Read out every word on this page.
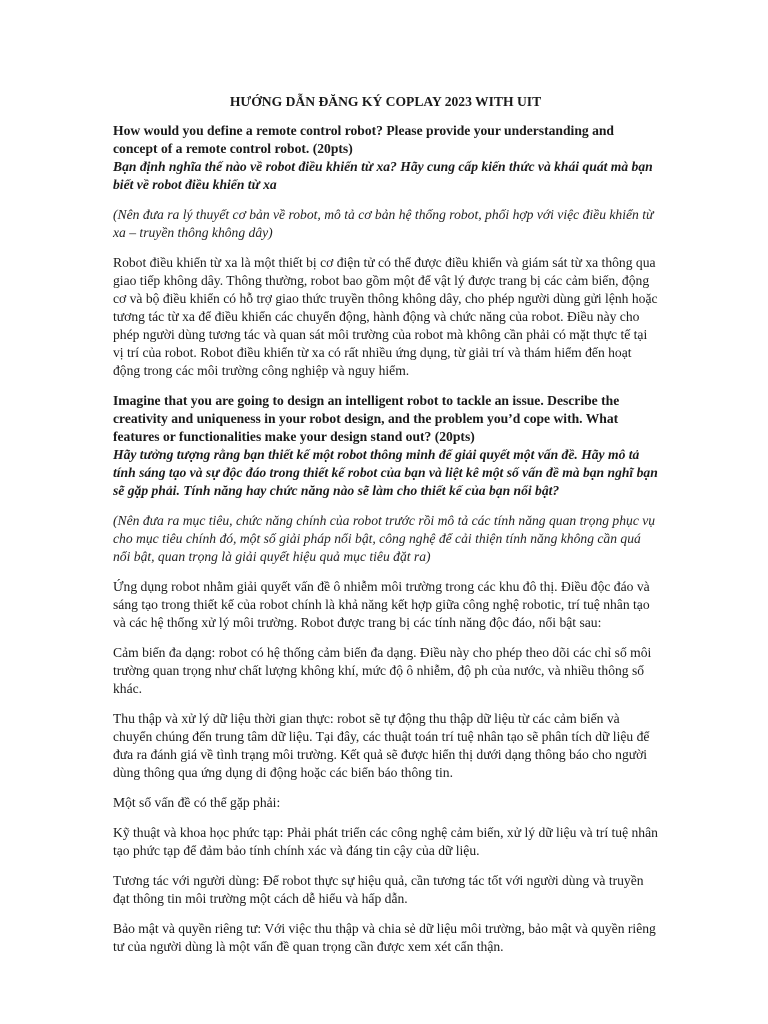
HƯỚNG DẪN ĐĂNG KÝ COPLAY 2023 WITH UIT

How would you define a remote control robot? Please provide your understanding and concept of a remote control robot. (20pts)

Bạn định nghĩa thế nào về robot điều khiển từ xa? Hãy cung cấp kiến thức và khái quát mà bạn biết về robot điều khiển từ xa

(Nên đưa ra lý thuyết cơ bản về robot, mô tả cơ bản hệ thống robot, phối hợp với việc điều khiển từ xa – truyền thông không dây)

Robot điều khiển từ xa là một thiết bị cơ điện tử có thể được điều khiển và giám sát từ xa thông qua giao tiếp không dây. Thông thường, robot bao gồm một để vật lý được trang bị các cảm biến, động cơ và bộ điều khiển có hỗ trợ giao thức truyền thông không dây, cho phép người dùng gửi lệnh hoặc tương tác từ xa để điều khiển các chuyển động, hành động và chức năng của robot. Điều này cho phép người dùng tương tác và quan sát môi trường của robot mà không cần phải có mặt thực tế tại vị trí của robot. Robot điều khiển từ xa có rất nhiều ứng dụng, từ giải trí và thám hiểm đến hoạt động trong các môi trường công nghiệp và nguy hiểm.

Imagine that you are going to design an intelligent robot to tackle an issue. Describe the creativity and uniqueness in your robot design, and the problem you’d cope with. What features or functionalities make your design stand out? (20pts)

Hãy tưởng tượng rằng bạn thiết kế một robot thông minh để giải quyết một vấn đề. Hãy mô tả tính sáng tạo và sự độc đáo trong thiết kế robot của bạn và liệt kê một số vấn đề mà bạn nghĩ bạn sẽ gặp phải. Tính năng hay chức năng nào sẽ làm cho thiết kế của bạn nổi bật?

(Nên đưa ra mục tiêu, chức năng chính của robot trước rồi mô tả các tính năng quan trọng phục vụ cho mục tiêu chính đó, một số giải pháp nổi bật, công nghệ để cải thiện tính năng không cần quá nổi bật, quan trọng là giải quyết hiệu quả mục tiêu đặt ra)

Ứng dụng robot nhằm giải quyết vấn đề ô nhiễm môi trường trong các khu đô thị. Điều độc đáo và sáng tạo trong thiết kế của robot chính là khả năng kết hợp giữa công nghệ robotic, trí tuệ nhân tạo và các hệ thống xử lý môi trường. Robot được trang bị các tính năng độc đáo, nổi bật sau:

Cảm biến đa dạng: robot có hệ thống cảm biến đa dạng. Điều này cho phép theo dõi các chỉ số môi trường quan trọng như chất lượng không khí, mức độ ô nhiễm, độ ph của nước, và nhiều thông số khác.

Thu thập và xử lý dữ liệu thời gian thực: robot sẽ tự động thu thập dữ liệu từ các cảm biến và chuyển chúng đến trung tâm dữ liệu. Tại đây, các thuật toán trí tuệ nhân tạo sẽ phân tích dữ liệu để đưa ra đánh giá về tình trạng môi trường. Kết quả sẽ được hiển thị dưới dạng thông báo cho người dùng thông qua ứng dụng di động hoặc các biển báo thông tin.

Một số vấn đề có thể gặp phải:

Kỹ thuật và khoa học phức tạp: Phải phát triển các công nghệ cảm biến, xử lý dữ liệu và trí tuệ nhân tạo phức tạp để đảm bảo tính chính xác và đáng tin cậy của dữ liệu.

Tương tác với người dùng: Để robot thực sự hiệu quả, cần tương tác tốt với người dùng và truyền đạt thông tin môi trường một cách dễ hiểu và hấp dẫn.

Bảo mật và quyền riêng tư: Với việc thu thập và chia sẻ dữ liệu môi trường, bảo mật và quyền riêng tư của người dùng là một vấn đề quan trọng cần được xem xét cẩn thận.
